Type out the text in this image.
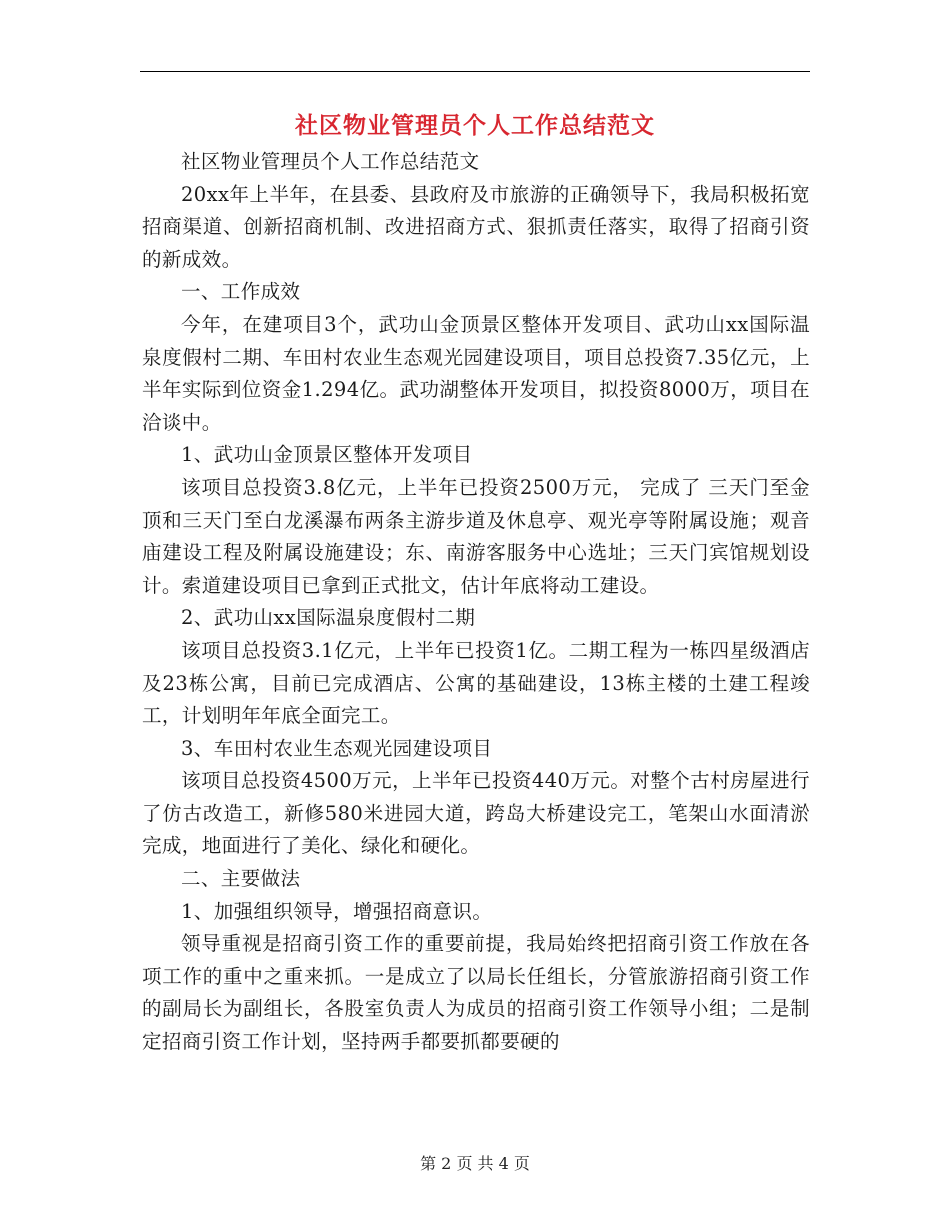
社区物业管理员个人工作总结范文

社区物业管理员个人工作总结范文

20xx年上半年，在县委、县政府及市旅游的正确领导下，我局积极拓宽招商渠道、创新招商机制、改进招商方式、狠抓责任落实，取得了招商引资的新成效。

一、工作成效

今年，在建项目3个，武功山金顶景区整体开发项目、武功山xx国际温泉度假村二期、车田村农业生态观光园建设项目，项目总投资7.35亿元，上半年实际到位资金1.294亿。武功湖整体开发项目，拟投资8000万，项目在洽谈中。

1、武功山金顶景区整体开发项目

该项目总投资3.8亿元，上半年已投资2500万元， 完成了 三天门至金顶和三天门至白龙溪瀑布两条主游步道及休息亭、观光亭等附属设施；观音庙建设工程及附属设施建设；东、南游客服务中心选址；三天门宾馆规划设计。索道建设项目已拿到正式批文，估计年底将动工建设。

2、武功山xx国际温泉度假村二期

该项目总投资3.1亿元，上半年已投资1亿。二期工程为一栋四星级酒店及23栋公寓，目前已完成酒店、公寓的基础建设，13栋主楼的土建工程竣工，计划明年年底全面完工。

3、车田村农业生态观光园建设项目

该项目总投资4500万元，上半年已投资440万元。对整个古村房屋进行了仿古改造工，新修580米进园大道，跨岛大桥建设完工，笔架山水面清淤完成，地面进行了美化、绿化和硬化。

二、主要做法

1、加强组织领导，增强招商意识。

领导重视是招商引资工作的重要前提，我局始终把招商引资工作放在各项工作的重中之重来抓。一是成立了以局长任组长，分管旅游招商引资工作的副局长为副组长，各股室负责人为成员的招商引资工作领导小组；二是制定招商引资工作计划，坚持两手都要抓都要硬的

第 2 页 共 4 页
